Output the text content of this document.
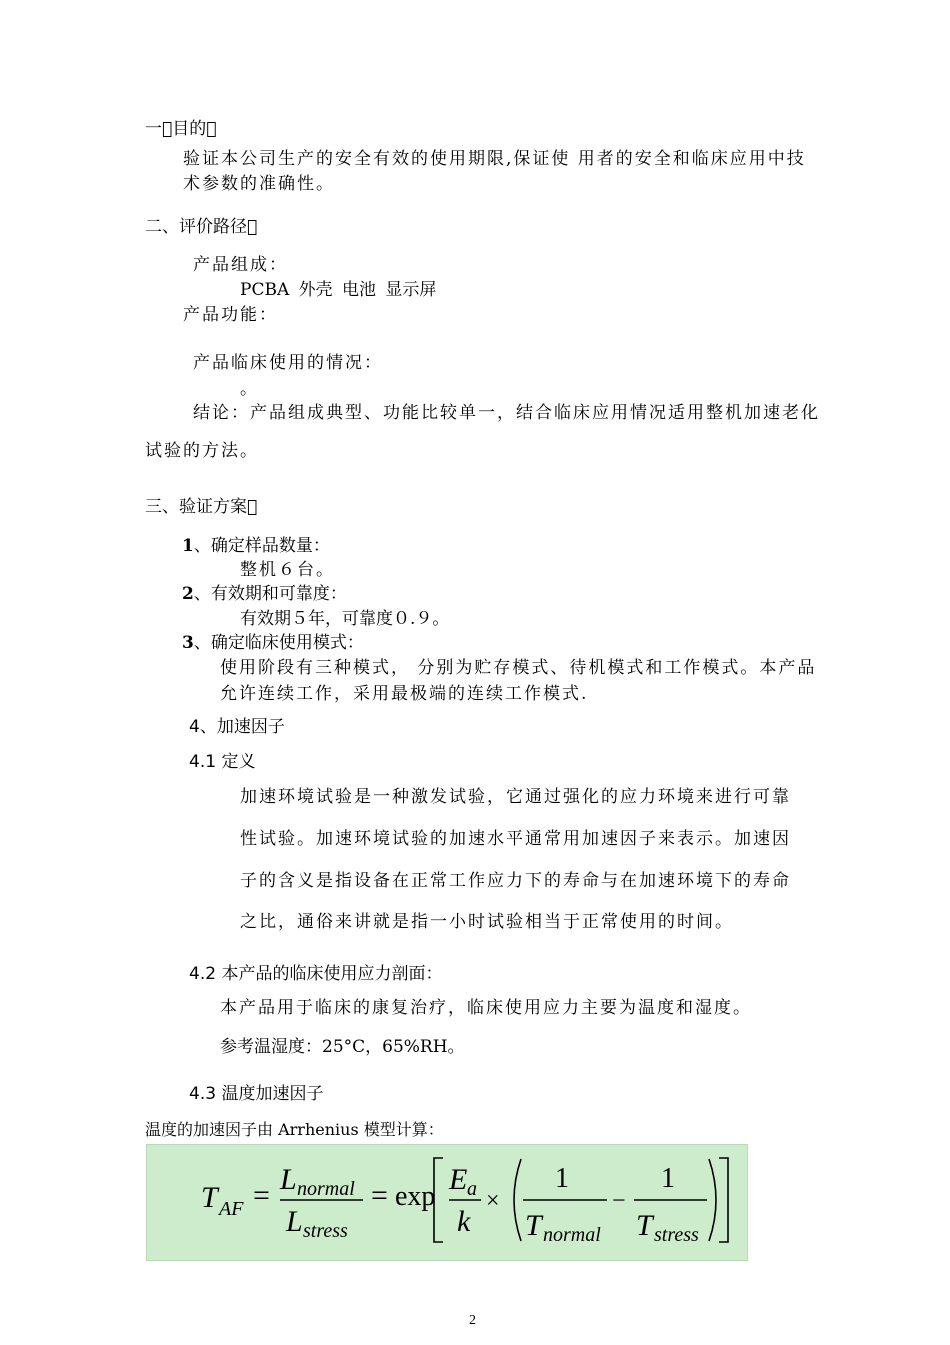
一 目的 
验证本公司生产的安全有效的使用期限,保证使 用者的安全和临床应用中技
术参数的准确性。
二、评价路径 
产品组成：
PCBA 外壳 电池 显示屏
产品功能：
产品临床使用的情况：
。
结论：产品组成典型、功能比较单一，结合临床应用情况适用整机加速老化
试验的方法。
三、验证方案 
1、确定样品数量：
整机６台。
2、有效期和可靠度：
有效期５年，可靠度０.９。
3、确定临床使用模式：
使用阶段有三种模式， 分别为贮存模式、待机模式和工作模式。本产品
允许连续工作，采用最极端的连续工作模式.
4、加速因子
4.1 定义
加速环境试验是一种激发试验，它通过强化的应力环境来进行可靠
性试验。加速环境试验的加速水平通常用加速因子来表示。加速因
子的含义是指设备在正常工作应力下的寿命与在加速环境下的寿命
之比，通俗来讲就是指一小时试验相当于正常使用的时间。
4.2 本产品的临床使用应力剖面：
本产品用于临床的康复治疗，临床使用应力主要为温度和湿度。
参考温湿度：25°C，65%RH。
4.3 温度加速因子
温度的加速因子由 Arrhenius 模型计算：
T AF = L normal
L stress
= exp
E a
k
×
1
T normal
−
1
T stress
2
